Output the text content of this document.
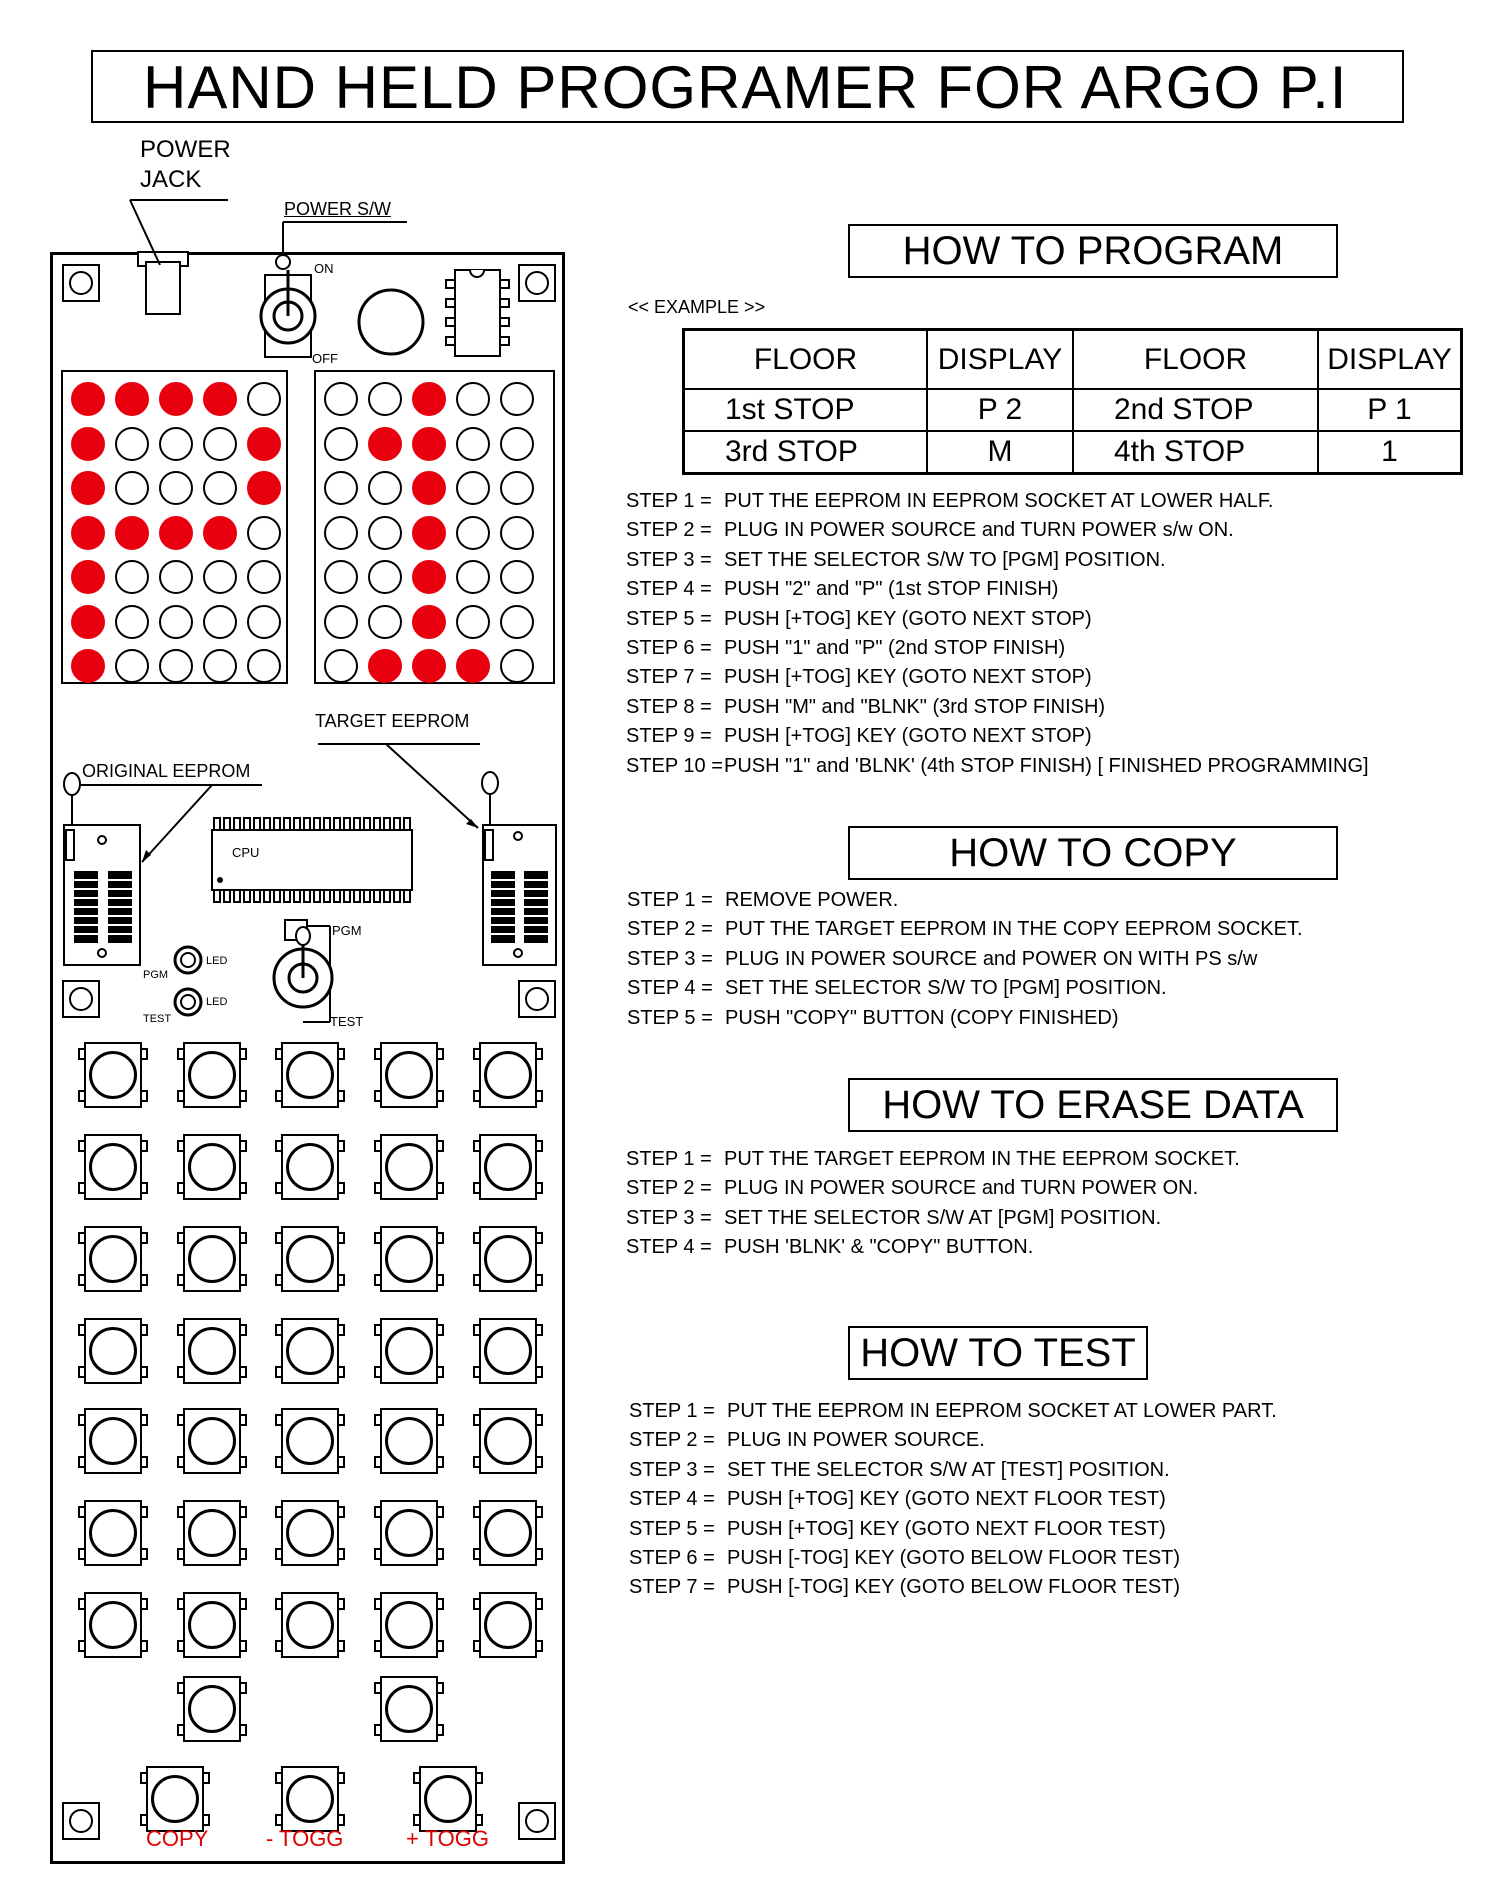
HAND HELD PROGRAMER FOR ARGO P.I
POWER
JACK
POWER S/W
ON
OFF
TARGET EEPROM
ORIGINAL EEPROM
CPU
PGM
TEST
PGM
TEST
LED
LED
COPY	- TOGG	+ TOGG
HOW TO PROGRAM
<< EXAMPLE >>
FLOOR	DISPLAY	FLOOR	DISPLAY
1st STOP	P 2	2nd STOP	P 1
3rd STOP	M	4th STOP	1
STEP 1 = PUT THE EEPROM IN EEPROM SOCKET AT LOWER HALF.
STEP 2 = PLUG IN POWER SOURCE and TURN POWER s/w ON.
STEP 3 = SET THE SELECTOR S/W TO [PGM] POSITION.
STEP 4 = PUSH "2" and "P" (1st STOP FINISH)
STEP 5 = PUSH [+TOG] KEY (GOTO NEXT STOP)
STEP 6 = PUSH "1" and "P" (2nd STOP FINISH)
STEP 7 = PUSH [+TOG] KEY (GOTO NEXT STOP)
STEP 8 = PUSH "M" and "BLNK" (3rd STOP FINISH)
STEP 9 = PUSH [+TOG] KEY (GOTO NEXT STOP)
STEP 10 =PUSH "1" and 'BLNK' (4th STOP FINISH) [ FINISHED PROGRAMMING]
HOW TO COPY
STEP 1 = REMOVE POWER.
STEP 2 = PUT THE TARGET EEPROM IN THE COPY EEPROM SOCKET.
STEP 3 = PLUG IN POWER SOURCE and POWER ON WITH PS s/w
STEP 4 = SET THE SELECTOR S/W TO [PGM] POSITION.
STEP 5 = PUSH "COPY" BUTTON (COPY FINISHED)
HOW TO ERASE DATA
STEP 1 = PUT THE TARGET EEPROM IN THE EEPROM SOCKET.
STEP 2 = PLUG IN POWER SOURCE and TURN POWER ON.
STEP 3 = SET THE SELECTOR S/W AT [PGM] POSITION.
STEP 4 = PUSH 'BLNK' & "COPY" BUTTON.
HOW TO TEST
STEP 1 = PUT THE EEPROM IN EEPROM SOCKET AT LOWER PART.
STEP 2 = PLUG IN POWER SOURCE.
STEP 3 = SET THE SELECTOR S/W AT [TEST] POSITION.
STEP 4 = PUSH [+TOG] KEY (GOTO NEXT FLOOR TEST)
STEP 5 = PUSH [+TOG] KEY (GOTO NEXT FLOOR TEST)
STEP 6 = PUSH [-TOG] KEY (GOTO BELOW FLOOR TEST)
STEP 7 = PUSH [-TOG] KEY (GOTO BELOW FLOOR TEST)
